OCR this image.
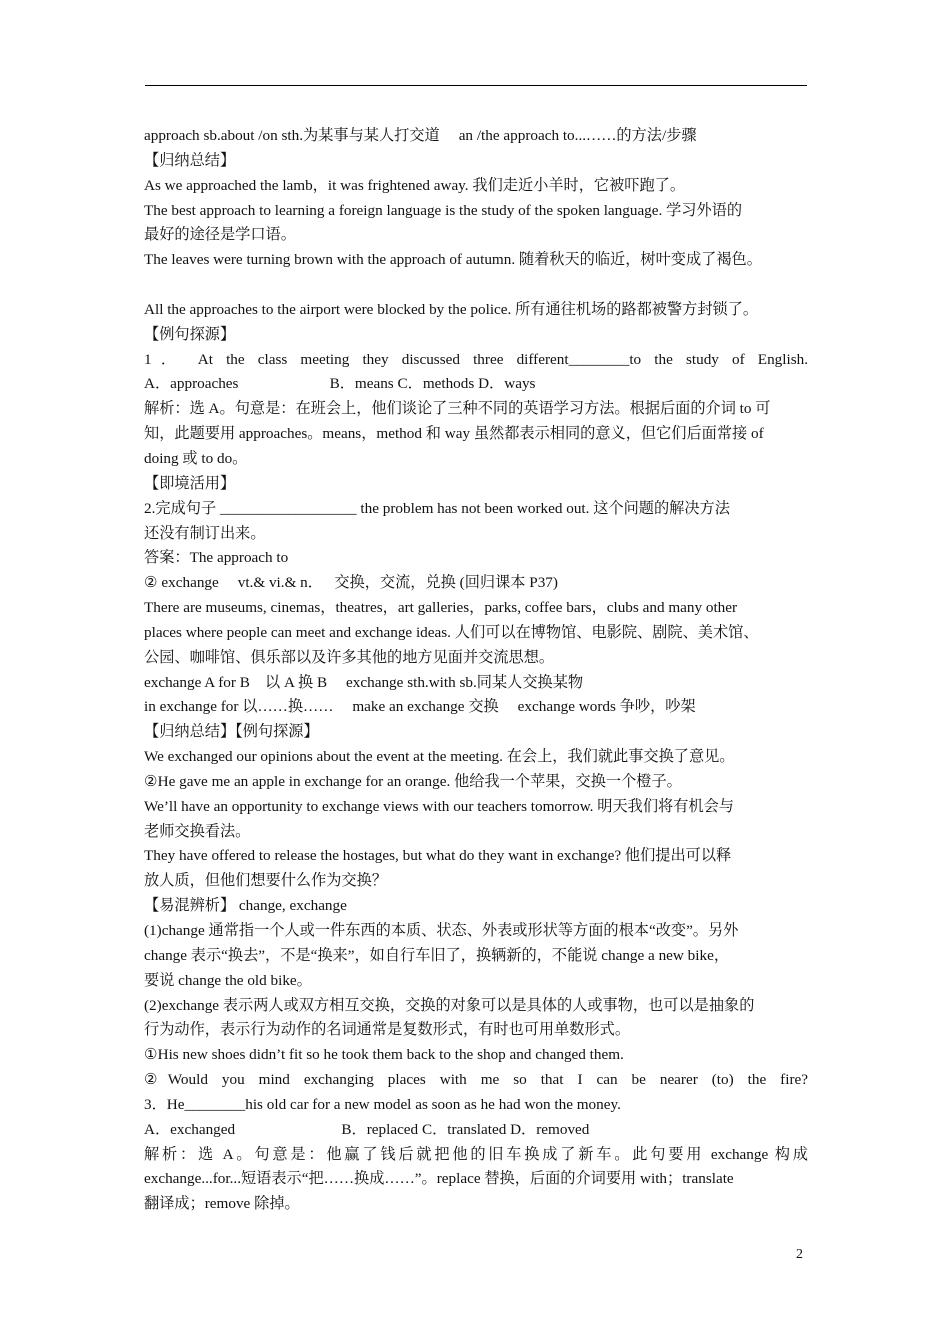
approach sb.about /on sth.为某事与某人打交道　 an /the approach to...……的方法/步骤
【归纳总结】
As we approached the lamb，it was frightened away. 我们走近小羊时，它被吓跑了。
The best approach to learning a foreign language is the study of the spoken language. 学习外语的
最好的途径是学口语。
The leaves were turning brown with the approach of autumn. 随着秋天的临近，树叶变成了褐色。
All the approaches to the airport were blocked by the police. 所有通往机场的路都被警方封锁了。
【例句探源】
1． At the class meeting they discussed three different________to the study of English.
A．approaches　　　　　　B．means C．methods D．ways
解析：选 A。句意是：在班会上，他们谈论了三种不同的英语学习方法。根据后面的介词 to 可
知，此题要用 approaches。means，method 和 way 虽然都表示相同的意义，但它们后面常接 of
doing 或 to do。
【即境活用】
2.完成句子 __________________ the problem has not been worked out. 这个问题的解决方法
还没有制订出来。
答案：The approach to
② exchange　 vt.& vi.& n．　 交换，交流，兑换 (回归课本 P37)
There are museums, cinemas，theatres，art galleries，parks, coffee bars，clubs and many other
places where people can meet and exchange ideas. 人们可以在博物馆、电影院、剧院、美术馆、
公园、咖啡馆、俱乐部以及许多其他的地方见面并交流思想。
exchange A for B　以 A 换 B　 exchange sth.with sb.同某人交换某物
in exchange for 以……换……　 make an exchange 交换　 exchange words 争吵，吵架
【归纳总结】【例句探源】
We exchanged our opinions about the event at the meeting. 在会上，我们就此事交换了意见。
②He gave me an apple in exchange for an orange. 他给我一个苹果，交换一个橙子。
We’ll have an opportunity to exchange views with our teachers tomorrow. 明天我们将有机会与
老师交换看法。
They have offered to release the hostages, but what do they want in exchange? 他们提出可以释
放人质，但他们想要什么作为交换？
【易混辨析】 change, exchange
(1)change 通常指一个人或一件东西的本质、状态、外表或形状等方面的根本“改变”。另外
change 表示“换去”，不是“换来”，如自行车旧了，换辆新的，不能说 change a new bike，
要说 change the old bike。
(2)exchange 表示两人或双方相互交换，交换的对象可以是具体的人或事物，也可以是抽象的
行为动作，表示行为动作的名词通常是复数形式，有时也可用单数形式。
①His new shoes didn’t fit so he took them back to the shop and changed them.
②Would you mind exchanging places with me so that I can be nearer (to) the fire?
3．He________his old car for a new model as soon as he had won the money.
A．exchanged　　　　　　　B．replaced C．translated D．removed
解析：选 A。句意是：他赢了钱后就把他的旧车换成了新车。此句要用 exchange 构成
exchange...for...短语表示“把……换成……”。replace 替换，后面的介词要用 with；translate
翻译成；remove 除掉。
2
